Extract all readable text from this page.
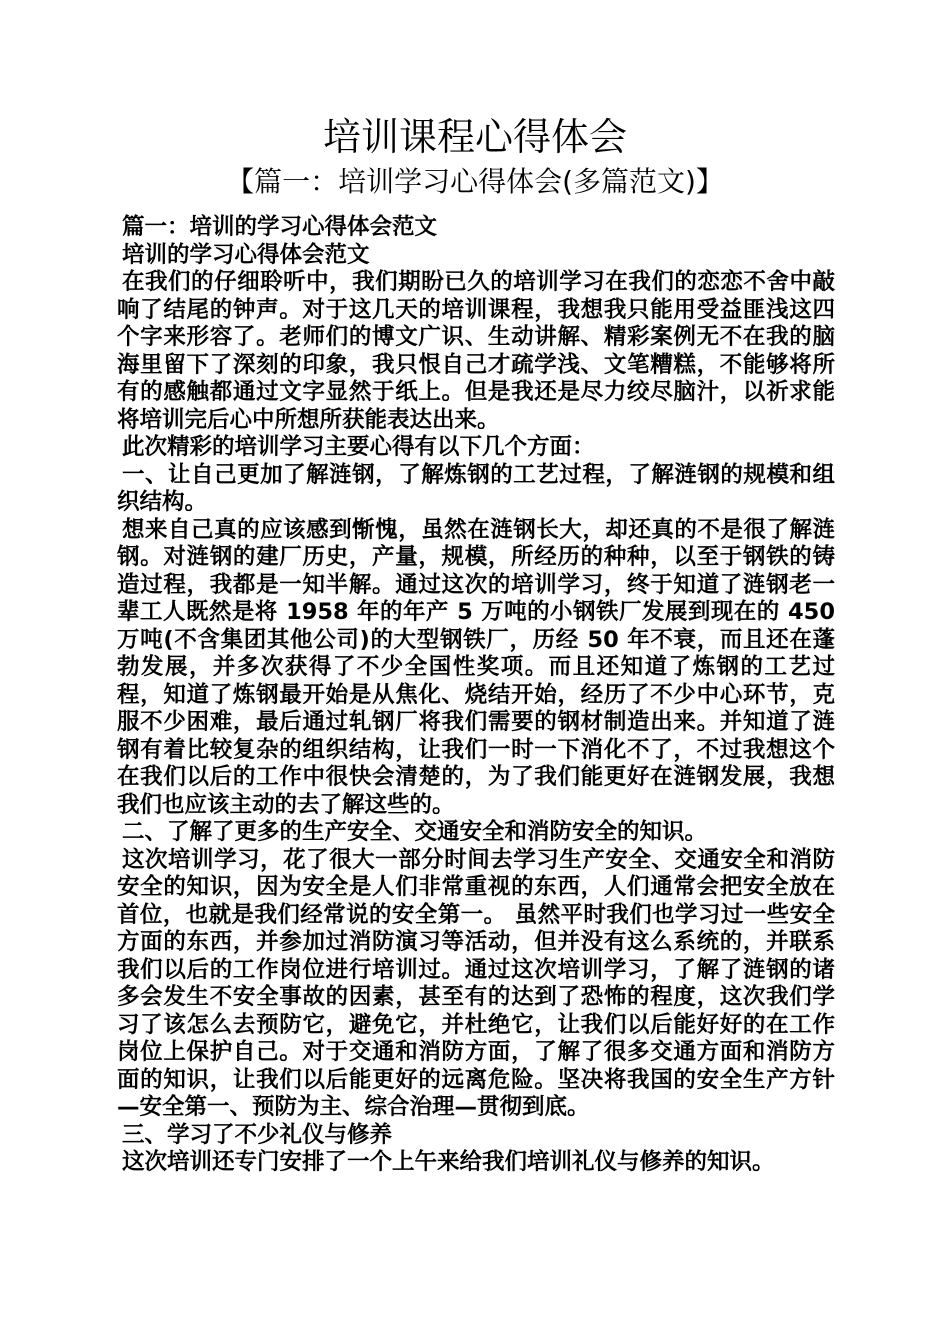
培训课程心得体会
【篇一：培训学习心得体会(多篇范文)】

篇一：培训的学习心得体会范文

培训的学习心得体会范文

在我们的仔细聆听中，我们期盼已久的培训学习在我们的恋恋不舍中敲响了结尾的钟声。对于这几天的培训课程，我想我只能用受益匪浅这四个字来形容了。老师们的博文广识、生动讲解、精彩案例无不在我的脑海里留下了深刻的印象，我只恨自己才疏学浅、文笔糟糕，不能够将所有的感触都通过文字显然于纸上。但是我还是尽力绞尽脑汁，以祈求能将培训完后心中所想所获能表达出来。

此次精彩的培训学习主要心得有以下几个方面：

一、让自己更加了解涟钢，了解炼钢的工艺过程，了解涟钢的规模和组织结构。

想来自己真的应该感到惭愧，虽然在涟钢长大，却还真的不是很了解涟钢。对涟钢的建厂历史，产量，规模，所经历的种种，以至于钢铁的铸造过程，我都是一知半解。通过这次的培训学习，终于知道了涟钢老一辈工人既然是将 1958 年的年产 5 万吨的小钢铁厂发展到现在的 450 万吨(不含集团其他公司)的大型钢铁厂，历经 50 年不衰，而且还在蓬勃发展，并多次获得了不少全国性奖项。而且还知道了炼钢的工艺过程，知道了炼钢最开始是从焦化、烧结开始，经历了不少中心环节，克服不少困难，最后通过轧钢厂将我们需要的钢材制造出来。并知道了涟钢有着比较复杂的组织结构，让我们一时一下消化不了，不过我想这个在我们以后的工作中很快会清楚的，为了我们能更好在涟钢发展，我想我们也应该主动的去了解这些的。

二、了解了更多的生产安全、交通安全和消防安全的知识。

这次培训学习，花了很大一部分时间去学习生产安全、交通安全和消防安全的知识，因为安全是人们非常重视的东西，人们通常会把安全放在首位，也就是我们经常说的安全第一。 虽然平时我们也学习过一些安全方面的东西，并参加过消防演习等活动，但并没有这么系统的，并联系我们以后的工作岗位进行培训过。通过这次培训学习，了解了涟钢的诸多会发生不安全事故的因素，甚至有的达到了恐怖的程度，这次我们学习了该怎么去预防它，避免它，并杜绝它，让我们以后能好好的在工作岗位上保护自己。对于交通和消防方面，了解了很多交通方面和消防方面的知识，让我们以后能更好的远离危险。坚决将我国的安全生产方针—安全第一、预防为主、综合治理—贯彻到底。

三、学习了不少礼仪与修养

这次培训还专门安排了一个上午来给我们培训礼仪与修养的知识。
